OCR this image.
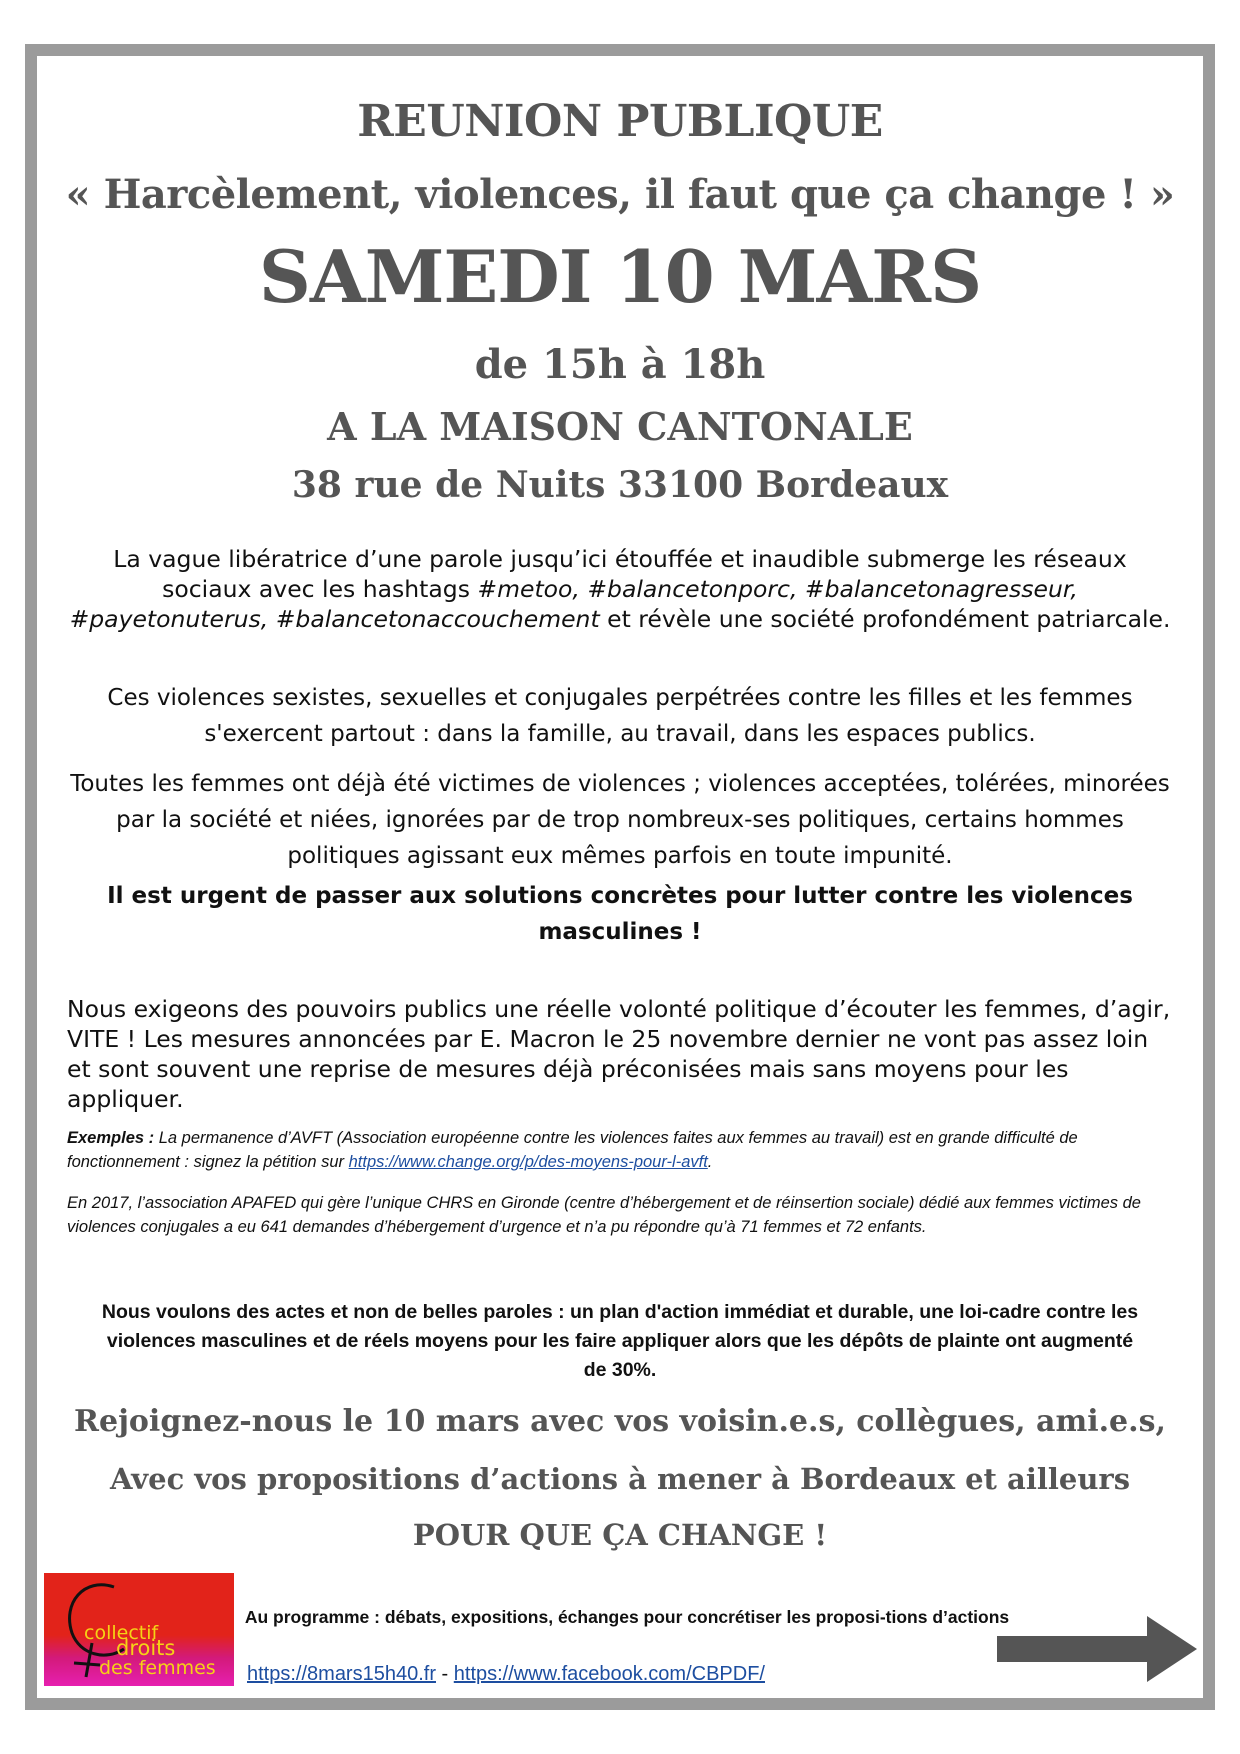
REUNION PUBLIQUE
« Harcèlement, violences, il faut que ça change ! »
SAMEDI 10 MARS
de 15h à 18h
A LA MAISON CANTONALE
38 rue de Nuits 33100 Bordeaux
La vague libératrice d’une parole jusqu’ici étouffée et inaudible submerge les réseaux sociaux avec les hashtags #metoo, #balancetonporc, #balancetonagresseur, #payetonuterus, #balancetonaccouchement et révèle une société profondément patriarcale.
Ces violences sexistes, sexuelles et conjugales perpétrées contre les filles et les femmes s'exercent partout : dans la famille, au travail, dans les espaces publics.
Toutes les femmes ont déjà été victimes de violences ; violences acceptées, tolérées, minorées par la société et niées, ignorées par de trop nombreux-ses politiques, certains hommes politiques agissant eux mêmes parfois en toute impunité.
Il est urgent de passer aux solutions concrètes pour lutter contre les violences masculines !
Nous exigeons des pouvoirs publics une réelle volonté politique d’écouter les femmes, d’agir, VITE ! Les mesures annoncées par E. Macron le 25 novembre dernier ne vont pas assez loin et sont souvent une reprise de mesures déjà préconisées mais sans moyens pour les appliquer.
Exemples : La permanence d’AVFT (Association européenne contre les violences faites aux femmes au travail) est en grande difficulté de fonctionnement : signez la pétition sur https://www.change.org/p/des-moyens-pour-l-avft.
En 2017, l’association APAFED qui gère l’unique CHRS en Gironde (centre d’hébergement et de réinsertion sociale) dédié aux femmes victimes de violences conjugales a eu 641 demandes d’hébergement d’urgence et n’a pu répondre qu’à 71 femmes et 72 enfants.
Nous voulons des actes et non de belles paroles : un plan d'action immédiat et durable, une loi-cadre contre les violences masculines et de réels moyens pour les faire appliquer alors que les dépôts de plainte ont augmenté de 30%.
Rejoignez-nous le 10 mars avec vos voisin.e.s, collègues, ami.e.s,
Avec vos propositions d’actions à mener à Bordeaux et ailleurs
POUR QUE ÇA CHANGE !
collectif
droits
des femmes
Au programme : débats, expositions, échanges pour concrétiser les proposi-tions d’actions
https://8mars15h40.fr - https://www.facebook.com/CBPDF/
